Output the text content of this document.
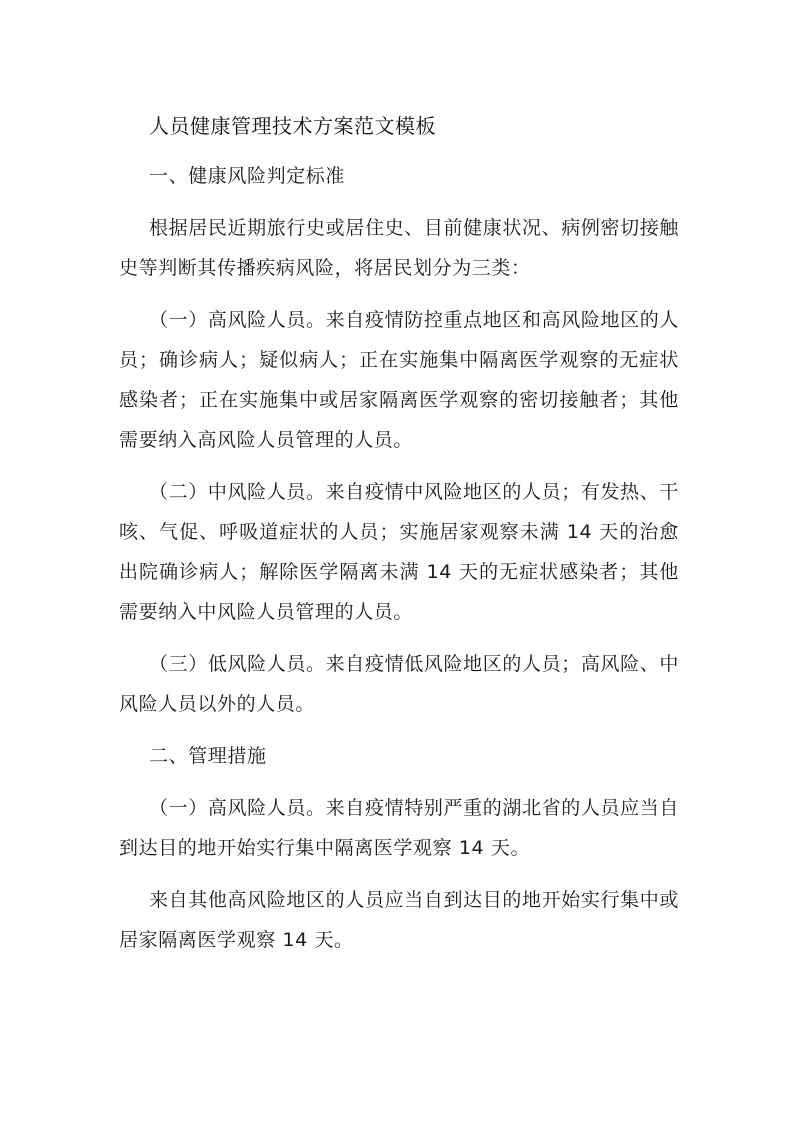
人员健康管理技术方案范文模板

一、健康风险判定标准

根据居民近期旅行史或居住史、目前健康状况、病例密切接触史等判断其传播疾病风险，将居民划分为三类：

（一）高风险人员。来自疫情防控重点地区和高风险地区的人员；确诊病人；疑似病人；正在实施集中隔离医学观察的无症状感染者；正在实施集中或居家隔离医学观察的密切接触者；其他需要纳入高风险人员管理的人员。

（二）中风险人员。来自疫情中风险地区的人员；有发热、干咳、气促、呼吸道症状的人员；实施居家观察未满 14 天的治愈出院确诊病人；解除医学隔离未满 14 天的无症状感染者；其他需要纳入中风险人员管理的人员。

（三）低风险人员。来自疫情低风险地区的人员；高风险、中风险人员以外的人员。

二、管理措施

（一）高风险人员。来自疫情特别严重的湖北省的人员应当自到达目的地开始实行集中隔离医学观察 14 天。

来自其他高风险地区的人员应当自到达目的地开始实行集中或居家隔离医学观察 14 天。
